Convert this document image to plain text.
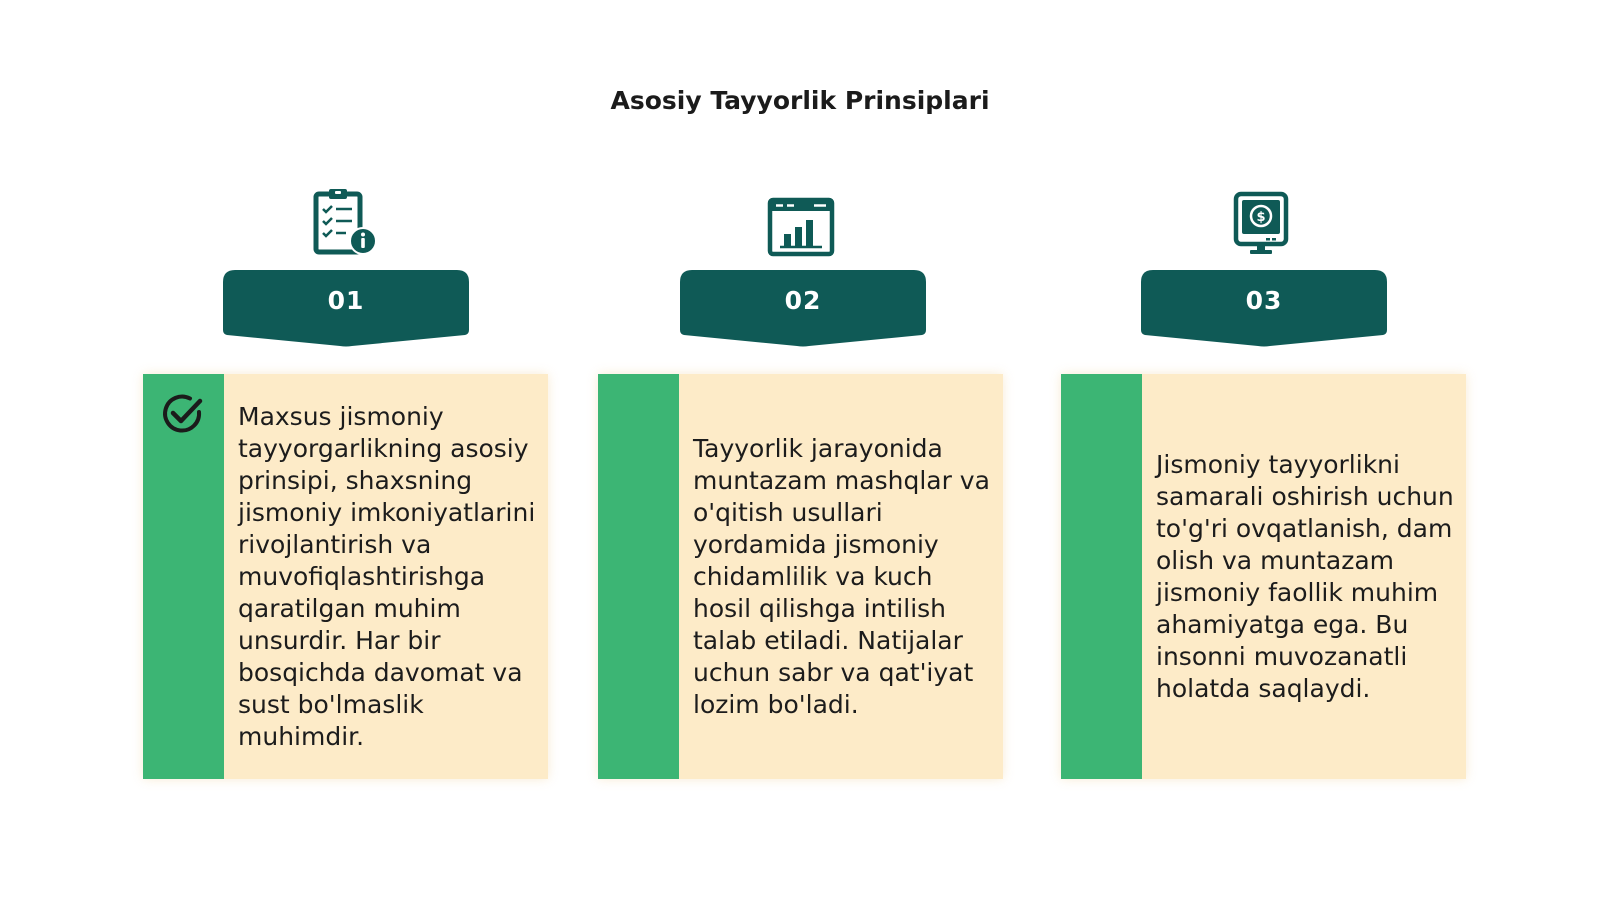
Asosiy Tayyorlik Prinsiplari
01
Maxsus jismoniy tayyorgarlikning asosiy prinsipi, shaxsning jismoniy imkoniyatlarini rivojlantirish va muvofiqlashtirishga qaratilgan muhim unsurdir. Har bir bosqichda davomat va sust bo'lmaslik muhimdir.
02
Tayyorlik jarayonida muntazam mashqlar va o'qitish usullari yordamida jismoniy chidamlilik va kuch hosil qilishga intilish talab etiladi. Natijalar uchun sabr va qat'iyat lozim bo'ladi.
$
03
Jismoniy tayyorlikni samarali oshirish uchun to'g'ri ovqatlanish, dam olish va muntazam jismoniy faollik muhim ahamiyatga ega. Bu insonni muvozanatli holatda saqlaydi.
